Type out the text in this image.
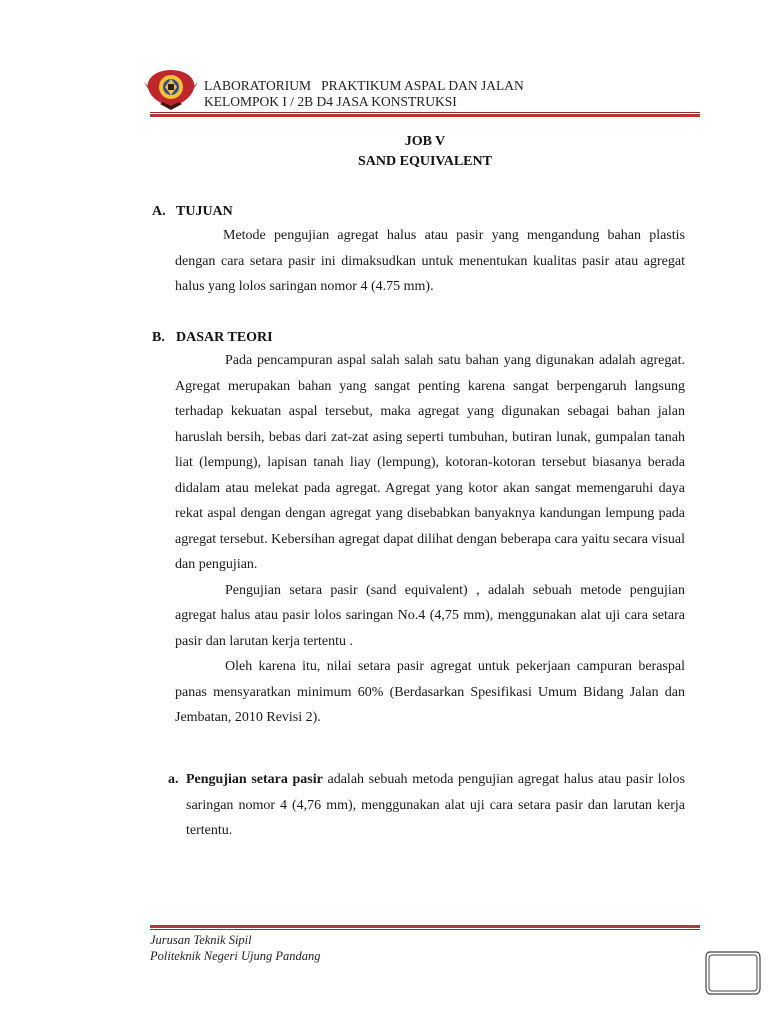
LABORATORIUM   PRAKTIKUM ASPAL DAN JALAN
KELOMPOK I / 2B D4 JASA KONSTRUKSI
JOB V
SAND EQUIVALENT
A. TUJUAN

Metode pengujian agregat halus atau pasir yang mengandung bahan plastis dengan cara setara pasir ini dimaksudkan untuk menentukan kualitas pasir atau agregat halus yang lolos saringan nomor 4 (4.75 mm).

B. DASAR TEORI

Pada pencampuran aspal salah salah satu bahan yang digunakan adalah agregat. Agregat merupakan bahan yang sangat penting karena sangat berpengaruh langsung terhadap kekuatan aspal tersebut, maka agregat yang digunakan sebagai bahan jalan haruslah bersih, bebas dari zat-zat asing seperti tumbuhan, butiran lunak, gumpalan tanah liat (lempung), lapisan tanah liay (lempung), kotoran-kotoran tersebut biasanya berada didalam atau melekat pada agregat. Agregat yang kotor akan sangat memengaruhi daya rekat aspal dengan dengan agregat yang disebabkan banyaknya kandungan lempung pada agregat tersebut. Kebersihan agregat dapat dilihat dengan beberapa cara yaitu secara visual dan pengujian.

Pengujian setara pasir (sand equivalent) , adalah sebuah metode pengujian agregat halus atau pasir lolos saringan No.4 (4,75 mm), menggunakan alat uji cara setara pasir dan larutan kerja tertentu .

Oleh karena itu, nilai setara pasir agregat untuk pekerjaan campuran beraspal panas mensyaratkan minimum 60% (Berdasarkan Spesifikasi Umum Bidang Jalan dan Jembatan, 2010 Revisi 2).

a. Pengujian setara pasir adalah sebuah metoda pengujian agregat halus atau pasir lolos saringan nomor 4 (4,76 mm), menggunakan alat uji cara setara pasir dan larutan kerja tertentu.
Jurusan Teknik Sipil
Politeknik Negeri Ujung Pandang
